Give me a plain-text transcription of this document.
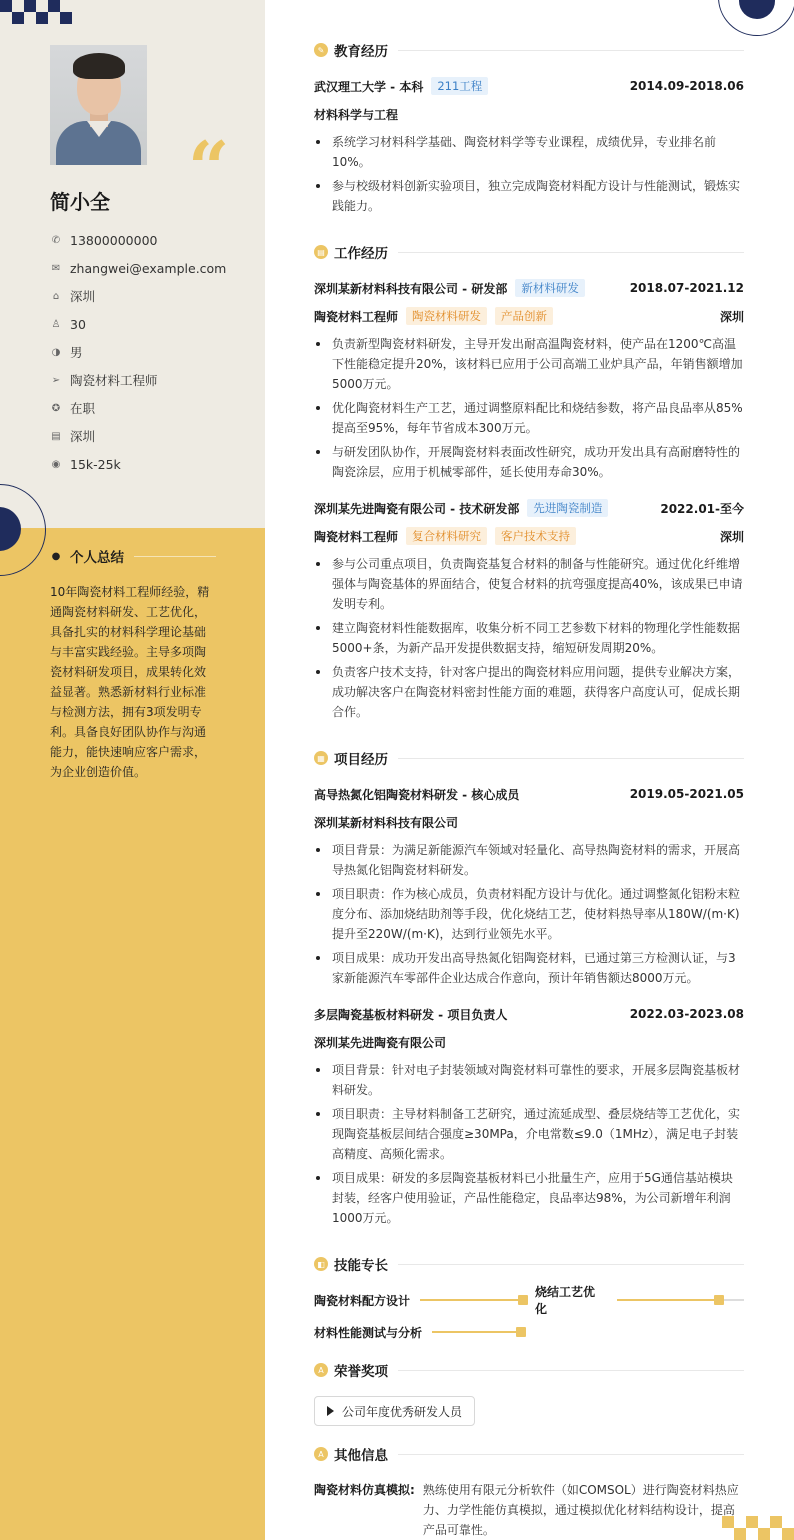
“
简小全
✆ 13800000000
✉ zhangwei@example.com
⌂ 深圳
♙ 30
◑ 男
➢ 陶瓷材料工程师
✪ 在职
▤ 深圳
◉ 15k-25k
● 个人总结
10年陶瓷材料工程师经验，精通陶瓷材料研发、工艺优化，具备扎实的材料科学理论基础与丰富实践经验。主导多项陶瓷材料研发项目，成果转化效益显著。熟悉新材料行业标准与检测方法，拥有3项发明专利。具备良好团队协作与沟通能力，能快速响应客户需求，为企业创造价值。
✎ 教育经历
武汉理工大学 - 本科	211工程	2014.09-2018.06
材料科学与工程
系统学习材料科学基础、陶瓷材料学等专业课程，成绩优异，专业排名前10%。
参与校级材料创新实验项目，独立完成陶瓷材料配方设计与性能测试，锻炼实践能力。
▤ 工作经历
深圳某新材料科技有限公司 - 研发部	新材料研发	2018.07-2021.12
陶瓷材料工程师	陶瓷材料研发	产品创新	深圳
负责新型陶瓷材料研发，主导开发出耐高温陶瓷材料，使产品在1200℃高温下性能稳定提升20%，该材料已应用于公司高端工业炉具产品，年销售额增加5000万元。
优化陶瓷材料生产工艺，通过调整原料配比和烧结参数，将产品良品率从85%提高至95%，每年节省成本300万元。
与研发团队协作，开展陶瓷材料表面改性研究，成功开发出具有高耐磨特性的陶瓷涂层，应用于机械零部件，延长使用寿命30%。
深圳某先进陶瓷有限公司 - 技术研发部	先进陶瓷制造	2022.01-至今
陶瓷材料工程师	复合材料研究	客户技术支持	深圳
参与公司重点项目，负责陶瓷基复合材料的制备与性能研究。通过优化纤维增强体与陶瓷基体的界面结合，使复合材料的抗弯强度提高40%，该成果已申请发明专利。
建立陶瓷材料性能数据库，收集分析不同工艺参数下材料的物理化学性能数据5000+条，为新产品开发提供数据支持，缩短研发周期20%。
负责客户技术支持，针对客户提出的陶瓷材料应用问题，提供专业解决方案，成功解决客户在陶瓷材料密封性能方面的难题，获得客户高度认可，促成长期合作。
▦ 项目经历
高导热氮化铝陶瓷材料研发 - 核心成员	2019.05-2021.05
深圳某新材料科技有限公司
项目背景：为满足新能源汽车领域对轻量化、高导热陶瓷材料的需求，开展高导热氮化铝陶瓷材料研发。
项目职责：作为核心成员，负责材料配方设计与优化。通过调整氮化铝粉末粒度分布、添加烧结助剂等手段，优化烧结工艺，使材料热导率从180W/(m·K)提升至220W/(m·K)，达到行业领先水平。
项目成果：成功开发出高导热氮化铝陶瓷材料，已通过第三方检测认证，与3家新能源汽车零部件企业达成合作意向，预计年销售额达8000万元。
多层陶瓷基板材料研发 - 项目负责人	2022.03-2023.08
深圳某先进陶瓷有限公司
项目背景：针对电子封装领域对陶瓷材料可靠性的要求，开展多层陶瓷基板材料研发。
项目职责：主导材料制备工艺研究，通过流延成型、叠层烧结等工艺优化，实现陶瓷基板层间结合强度≥30MPa，介电常数≤9.0（1MHz），满足电子封装高精度、高频化需求。
项目成果：研发的多层陶瓷基板材料已小批量生产，应用于5G通信基站模块封装，经客户使用验证，产品性能稳定，良品率达98%，为公司新增年利润1000万元。
◧ 技能专长
陶瓷材料配方设计
烧结工艺优化
材料性能测试与分析
A 荣誉奖项
公司年度优秀研发人员
A 其他信息
陶瓷材料仿真模拟: 熟练使用有限元分析软件（如COMSOL）进行陶瓷材料热应力、力学性能仿真模拟，通过模拟优化材料结构设计，提高产品可靠性。
